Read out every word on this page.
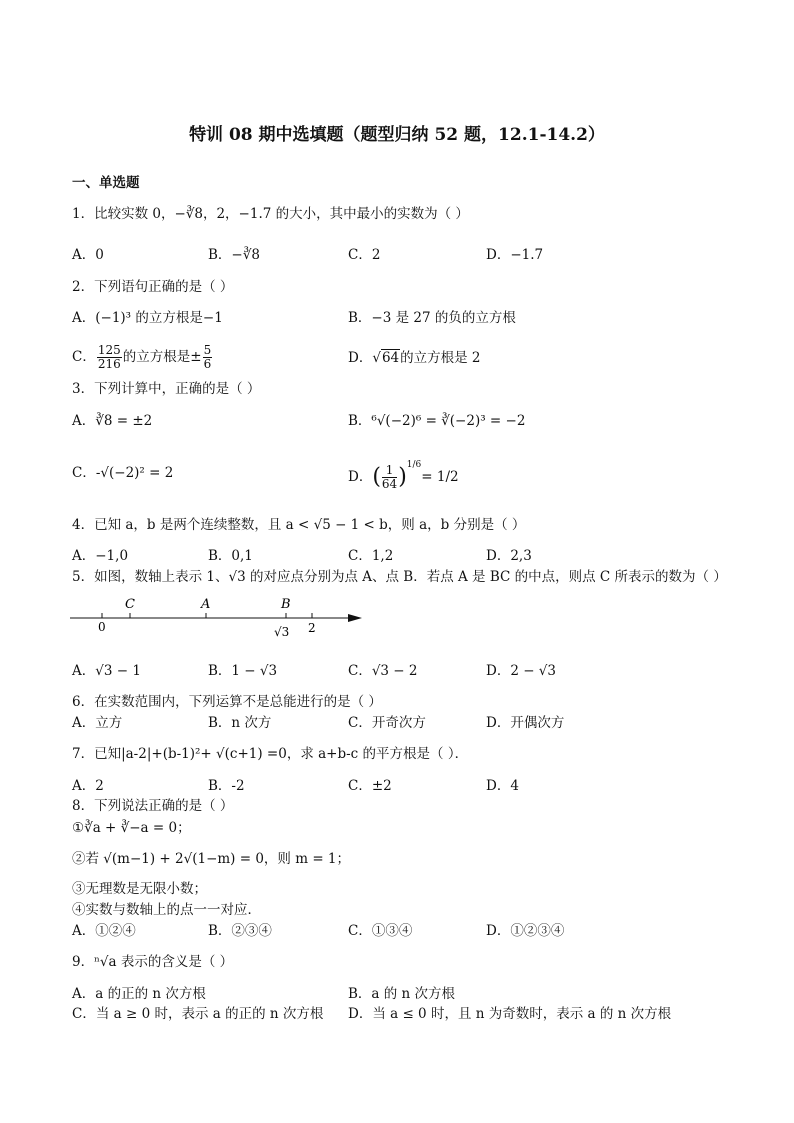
特训 08 期中选填题（题型归纳 52 题，12.1-14.2）
一、单选题
1．比较实数 0，−∛8，2，−1.7 的大小，其中最小的实数为（ ）
A．0	B．−∛8	C．2	D．−1.7
2．下列语句正确的是（ ）
A．(−1)³ 的立方根是−1	B．−3 是 27 的负的立方根
C． $\frac{125}{216}$ 的立方根是± $\frac{5}{6}$	D．√64的立方根是 2
3．下列计算中，正确的是（ ）
A．∛8 = ±2	B．⁶√(−2)⁶ = ∛(−2)³ = −2
C．-√(−2)² = 2	D．( $\frac{1}{64} )^{1/6}= 1/2$
4．已知 a，b 是两个连续整数，且 a < √5 − 1 < b，则 a，b 分别是（ ）
A．−1,0	B．0,1	C．1,2	D．2,3
5．如图，数轴上表示 1、√3 的对应点分别为点 A、点 B．若点 A 是 BC 的中点，则点 C 所表示的数为（ ）
C	A	B
0	2
√3
A．√3 − 1	B．1 − √3	C．√3 − 2	D．2 − √3
6．在实数范围内，下列运算不是总能进行的是（ ）
A．立方	B．n 次方	C．开奇次方	D．开偶次方
7．已知|a-2|+(b-1)²+ √(c+1) =0，求 a+b-c 的平方根是（ ）．
A．2	B．-2	C．±2	D．4
8．下列说法正确的是（ ）
①∛a + ∛−a = 0；
②若 √(m−1) + 2√(1−m) = 0，则 m = 1；
③无理数是无限小数；
④实数与数轴上的点一一对应．
A．①②④	B．②③④	C．①③④	D．①②③④
9．ⁿ√a 表示的含义是（ ）
A．a 的正的 n 次方根	B．a 的 n 次方根
C．当 a ≥ 0 时，表示 a 的正的 n 次方根 D．当 a ≤ 0 时，且 n 为奇数时，表示 a 的 n 次方根
